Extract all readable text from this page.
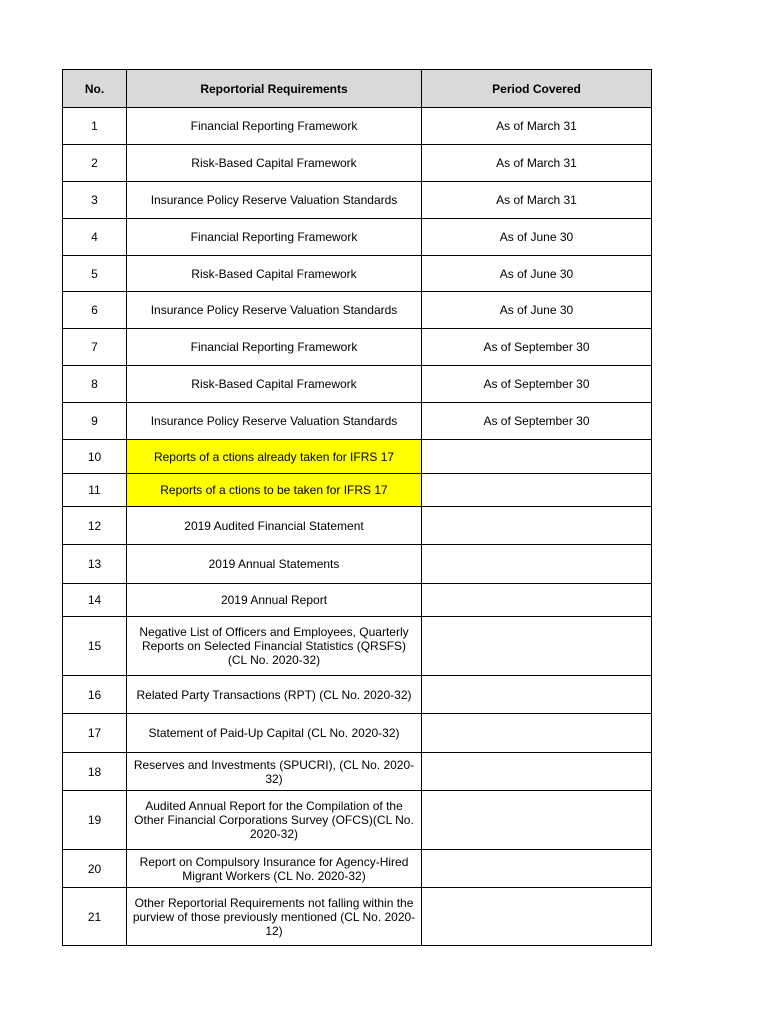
No.	Reportorial Requirements	Period Covered
1	Financial Reporting Framework	As of March 31
2	Risk-Based Capital Framework	As of March 31
3	Insurance Policy Reserve Valuation Standards	As of March 31
4	Financial Reporting Framework	As of June 30
5	Risk-Based Capital Framework	As of June 30
6	Insurance Policy Reserve Valuation Standards	As of June 30
7	Financial Reporting Framework	As of September 30
8	Risk-Based Capital Framework	As of September 30
9	Insurance Policy Reserve Valuation Standards	As of September 30
10	Reports of a ctions already taken for IFRS 17	
11	Reports of a ctions to be taken for IFRS 17	
12	2019 Audited Financial Statement	
13	2019 Annual Statements	
14	2019 Annual Report	
15	Negative List of Officers and Employees, Quarterly Reports on Selected Financial Statistics (QRSFS) (CL No. 2020-32)	
16	Related Party Transactions (RPT) (CL No. 2020-32)	
17	Statement of Paid-Up Capital (CL No. 2020-32)	
18	Reserves and Investments (SPUCRI), (CL No. 2020-32)	
19	Audited Annual Report for the Compilation of the Other Financial Corporations Survey (OFCS)(CL No. 2020-32)	
20	Report on Compulsory Insurance for Agency-Hired Migrant Workers (CL No. 2020-32)	
21	Other Reportorial Requirements not falling within the purview of those previously mentioned (CL No. 2020-12)	
